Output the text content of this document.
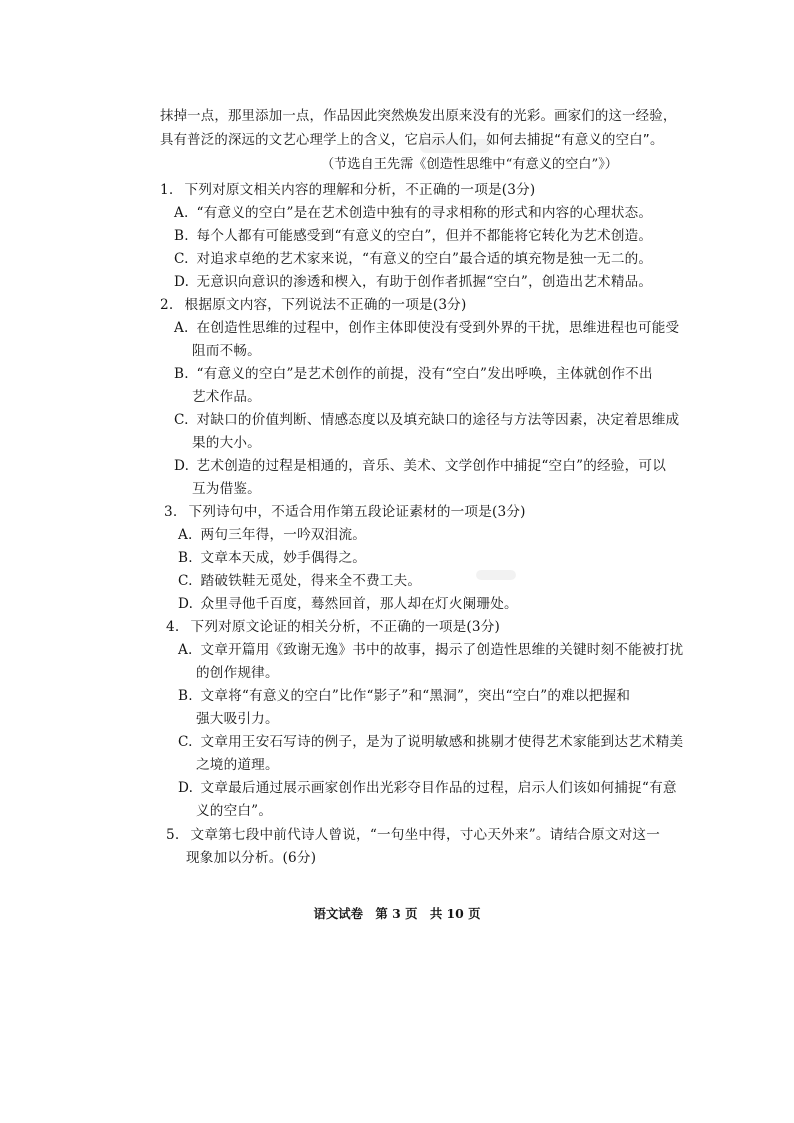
抹掉一点，那里添加一点，作品因此突然焕发出原来没有的光彩。画家们的这一经验，
具有普泛的深远的文艺心理学上的含义，它启示人们，如何去捕捉“有意义的空白”。
（节选自王先霈《创造性思维中“有意义的空白”》）
1. 下列对原文相关内容的理解和分析，不正确的一项是(3分)
A. “有意义的空白”是在艺术创造中独有的寻求相称的形式和内容的心理状态。
B. 每个人都有可能感受到“有意义的空白”，但并不都能将它转化为艺术创造。
C. 对追求卓绝的艺术家来说，“有意义的空白”最合适的填充物是独一无二的。
D. 无意识向意识的渗透和楔入，有助于创作者抓握“空白”，创造出艺术精品。
2. 根据原文内容，下列说法不正确的一项是(3分)
A. 在创造性思维的过程中，创作主体即使没有受到外界的干扰，思维进程也可能受
阻而不畅。
B. “有意义的空白”是艺术创作的前提，没有“空白”发出呼唤，主体就创作不出
艺术作品。
C. 对缺口的价值判断、情感态度以及填充缺口的途径与方法等因素，决定着思维成
果的大小。
D. 艺术创造的过程是相通的，音乐、美术、文学创作中捕捉“空白”的经验，可以
互为借鉴。
3. 下列诗句中，不适合用作第五段论证素材的一项是(3分)
A. 两句三年得，一吟双泪流。
B. 文章本天成，妙手偶得之。
C. 踏破铁鞋无觅处，得来全不费工夫。
D. 众里寻他千百度，蓦然回首，那人却在灯火阑珊处。
4. 下列对原文论证的相关分析，不正确的一项是(3分)
A. 文章开篇用《致谢无逸》书中的故事，揭示了创造性思维的关键时刻不能被打扰
的创作规律。
B. 文章将“有意义的空白”比作“影子”和“黑洞”，突出“空白”的难以把握和
强大吸引力。
C. 文章用王安石写诗的例子，是为了说明敏感和挑剔才使得艺术家能到达艺术精美
之境的道理。
D. 文章最后通过展示画家创作出光彩夺目作品的过程，启示人们该如何捕捉“有意
义的空白”。
5. 文章第七段中前代诗人曾说，“一句坐中得，寸心天外来”。请结合原文对这一
现象加以分析。(6分)
语文试卷　第 3 页　共 10 页
